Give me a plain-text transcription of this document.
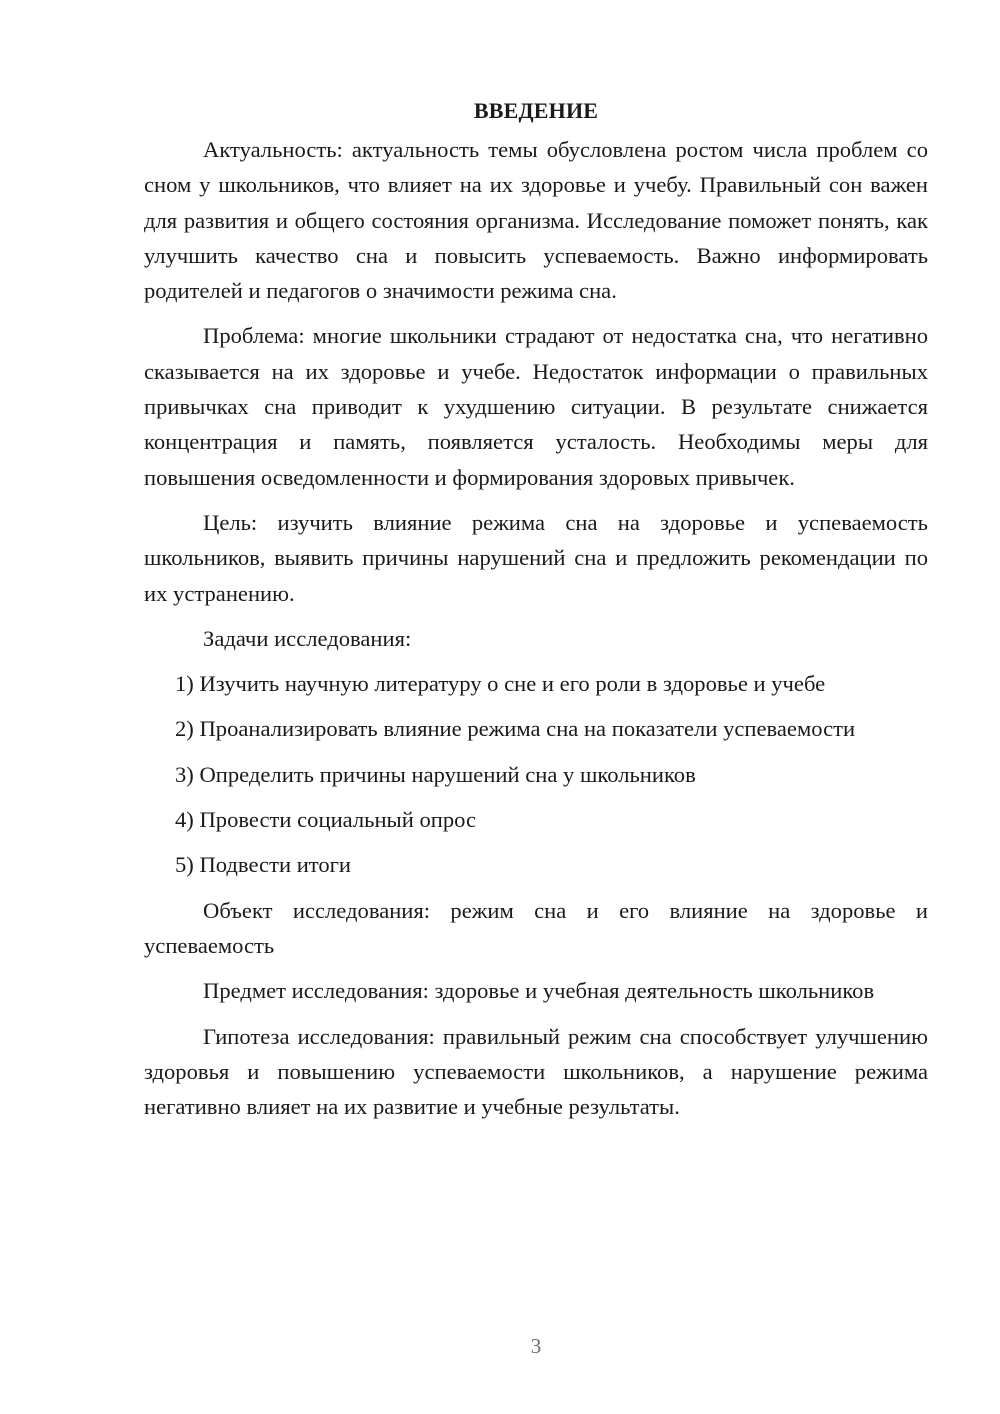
ВВЕДЕНИЕ

Актуальность: актуальность темы обусловлена ростом числа проблем со сном у школьников, что влияет на их здоровье и учебу. Правильный сон важен для развития и общего состояния организма. Исследование поможет понять, как улучшить качество сна и повысить успеваемость. Важно информировать родителей и педагогов о значимости режима сна.

Проблема: многие школьники страдают от недостатка сна, что негативно сказывается на их здоровье и учебе. Недостаток информации о правильных привычках сна приводит к ухудшению ситуации. В результате снижается концентрация и память, появляется усталость. Необходимы меры для повышения осведомленности и формирования здоровых привычек.

Цель: изучить влияние режима сна на здоровье и успеваемость школьников, выявить причины нарушений сна и предложить рекомендации по их устранению.

Задачи исследования:

1) Изучить научную литературу о сне и его роли в здоровье и учебе
2) Проанализировать влияние режима сна на показатели успеваемости
3) Определить причины нарушений сна у школьников
4) Провести социальный опрос
5) Подвести итоги

Объект исследования: режим сна и его влияние на здоровье и успеваемость

Предмет исследования: здоровье и учебная деятельность школьников

Гипотеза исследования: правильный режим сна способствует улучшению здоровья и повышению успеваемости школьников, а нарушение режима негативно влияет на их развитие и учебные результаты.

3
